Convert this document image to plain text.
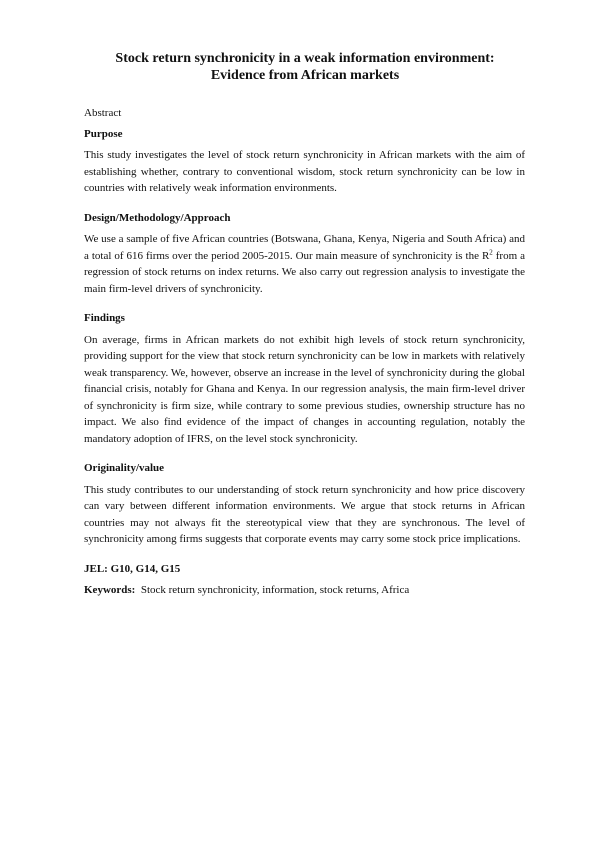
Stock return synchronicity in a weak information environment:
Evidence from African markets

Abstract

Purpose

This study investigates the level of stock return synchronicity in African markets with the aim of establishing whether, contrary to conventional wisdom, stock return synchronicity can be low in countries with relatively weak information environments.

Design/Methodology/Approach

We use a sample of five African countries (Botswana, Ghana, Kenya, Nigeria and South Africa) and a total of 616 firms over the period 2005-2015. Our main measure of synchronicity is the $R^2$ from a regression of stock returns on index returns. We also carry out regression analysis to investigate the main firm-level drivers of synchronicity.

Findings

On average, firms in African markets do not exhibit high levels of stock return synchronicity, providing support for the view that stock return synchronicity can be low in markets with relatively weak transparency. We, however, observe an increase in the level of synchronicity during the global financial crisis, notably for Ghana and Kenya. In our regression analysis, the main firm-level driver of synchronicity is firm size, while contrary to some previous studies, ownership structure has no impact. We also find evidence of the impact of changes in accounting regulation, notably the mandatory adoption of IFRS, on the level stock synchronicity.

Originality/value

This study contributes to our understanding of stock return synchronicity and how price discovery can vary between different information environments. We argue that stock returns in African countries may not always fit the stereotypical view that they are synchronous. The level of synchronicity among firms suggests that corporate events may carry some stock price implications.

JEL: G10, G14, G15

Keywords: Stock return synchronicity, information, stock returns, Africa
